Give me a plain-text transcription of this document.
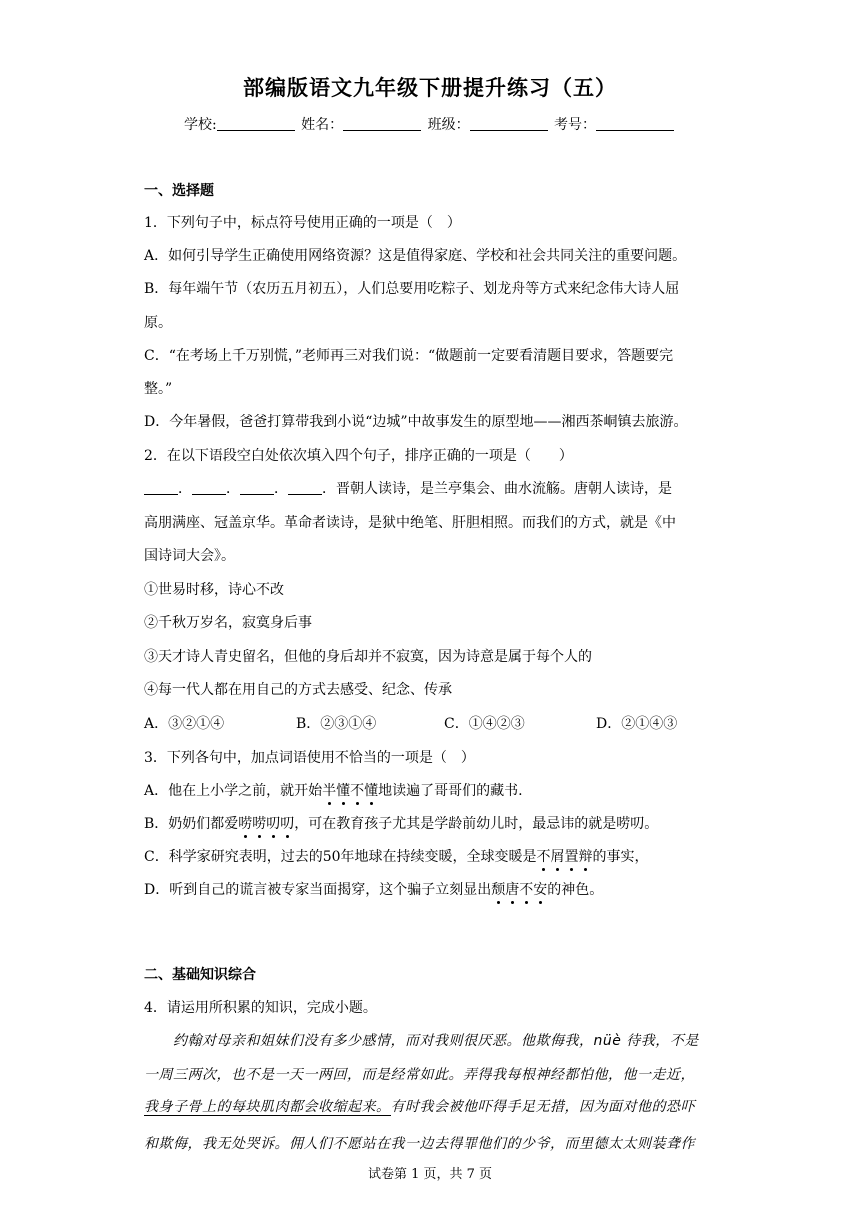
部编版语文九年级下册提升练习（五）
学校:	姓名：	班级：	考号：
一、选择题
1．下列句子中，标点符号使用正确的一项是（　）
A．如何引导学生正确使用网络资源？这是值得家庭、学校和社会共同关注的重要问题。
B．每年端午节（农历五月初五），人们总要用吃粽子、划龙舟等方式来纪念伟大诗人屈
原。
C．“在考场上千万别慌，”老师再三对我们说：“做题前一定要看清题目要求，答题要完
整。”
D．今年暑假，爸爸打算带我到小说“边城”中故事发生的原型地——湘西茶峒镇去旅游。
2．在以下语段空白处依次填入四个句子，排序正确的一项是（　　）
． ． ． ．晋朝人读诗，是兰亭集会、曲水流觞。唐朝人读诗，是
高朋满座、冠盖京华。革命者读诗，是狱中绝笔、肝胆相照。而我们的方式，就是《中
国诗词大会》。
①世易时移，诗心不改
②千秋万岁名，寂寞身后事
③天才诗人青史留名，但他的身后却并不寂寞，因为诗意是属于每个人的
④每一代人都在用自己的方式去感受、纪念、传承
A．③②①④	B．②③①④	C．①④②③	D．②①④③
3．下列各句中，加点词语使用不恰当的一项是（　）
A．他在上小学之前，就开始半懂不懂地读遍了哥哥们的藏书.
B．奶奶们都爱唠唠叨叨，可在教育孩子尤其是学龄前幼儿时，最忌讳的就是唠叨。
C．科学家研究表明，过去的50年地球在持续变暖，全球变暖是不屑置辩的事实，
D．听到自己的谎言被专家当面揭穿，这个骗子立刻显出颓唐不安的神色。
二、基础知识综合
4．请运用所积累的知识，完成小题。
　　约翰对母亲和姐妹们没有多少感情，而对我则很厌恶。他欺侮我，nüè 待我，不是
一周三两次，也不是一天一两回，而是经常如此。弄得我每根神经都怕他，他一走近，
我身子骨上的每块肌肉都会收缩起来。有时我会被他吓得手足无措，因为面对他的恐吓
和欺侮，我无处哭诉。佣人们不愿站在我一边去得罪他们的少爷，而里德太太则装聋作
试卷第 1 页，共 7 页
